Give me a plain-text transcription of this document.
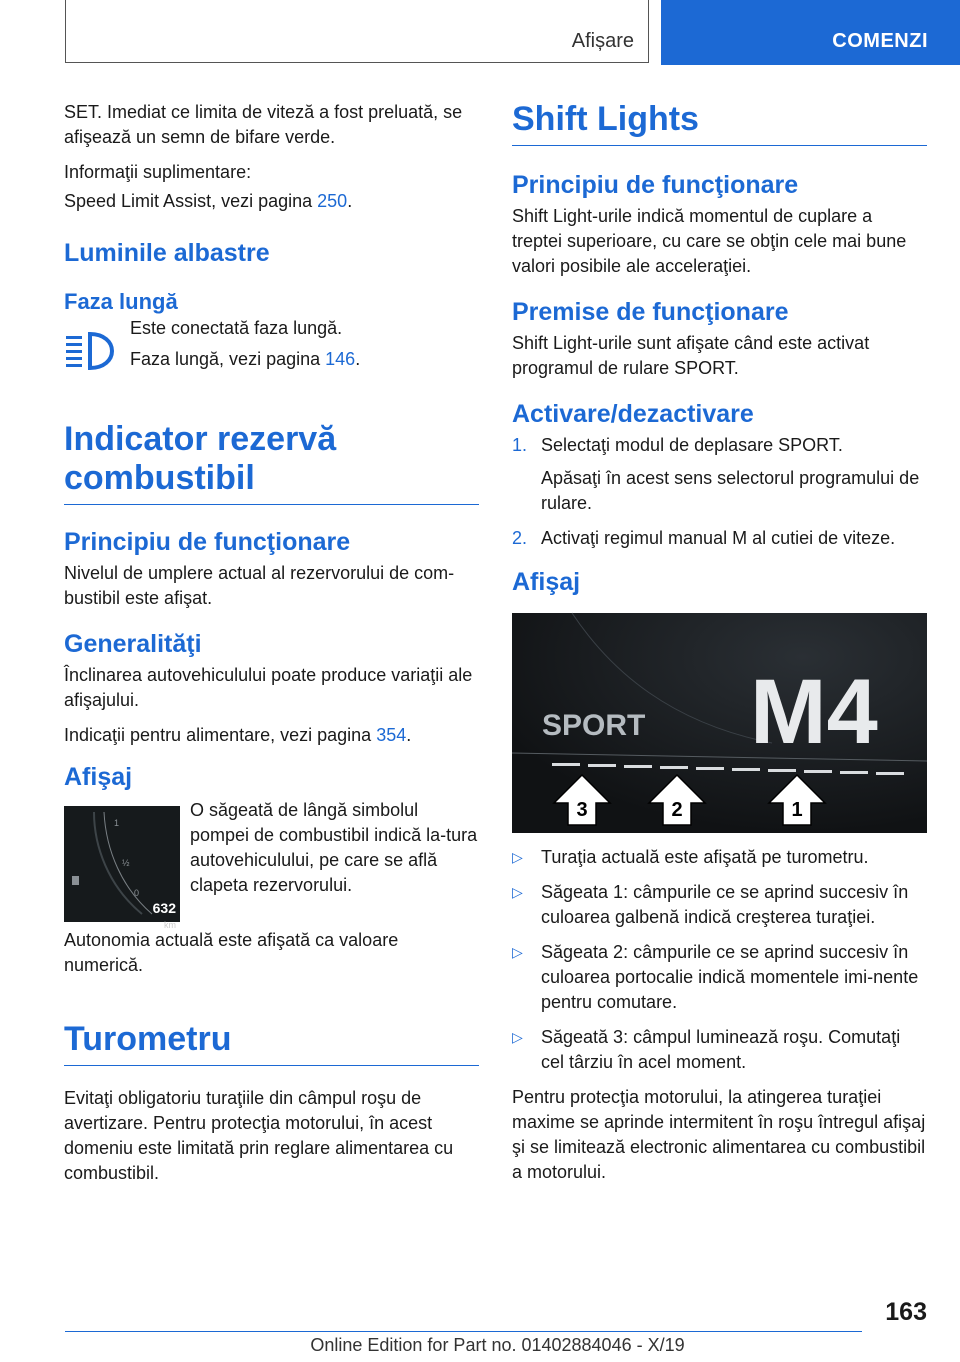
Afișare	COMENZI

SET. Imediat ce limita de viteză a fost preluată, se afişează un semn de bifare verde.

Informaţii suplimentare:

Speed Limit Assist, vezi pagina 250.

Luminile albastre
Faza lungă

Este conectată faza lungă.

Faza lungă, vezi pagina 146.

Indicator rezervă combustibil
Principiu de funcţionare

Nivelul de umplere actual al rezervorului de com-bustibil este afişat.

Generalităţi

Înclinarea autovehiculului poate produce variaţii ale afişajului.

Indicaţii pentru alimentare, vezi pagina 354.

Afişaj
1
½
0
632
km

O săgeată de lângă simbolul pompei de combustibil indică la-tura autovehiculului, pe care se află clapeta rezervorului.

Autonomia actuală este afişată ca valoare numerică.

Turometru

Evitaţi obligatoriu turaţiile din câmpul roşu de avertizare. Pentru protecţia motorului, în acest domeniu este limitată prin reglare alimentarea cu combustibil.

Shift Lights
Principiu de funcţionare

Shift Light-urile indică momentul de cuplare a treptei superioare, cu care se obţin cele mai bune valori posibile ale acceleraţiei.

Premise de funcţionare

Shift Light-urile sunt afişate când este activat programul de rulare SPORT.

Activare/dezactivare
1. Selectaţi modul de deplasare SPORT.
Apăsaţi în acest sens selectorul programului de rulare.
2. Activaţi regimul manual M al cutiei de viteze.
Afişaj
SPORT M4
3	2	1
▷	Turaţia actuală este afişată pe turometru.
▷	Săgeata 1: câmpurile ce se aprind succesiv în culoarea galbenă indică creşterea turaţiei.
▷	Săgeata 2: câmpurile ce se aprind succesiv în culoarea portocalie indică momentele imi-nente pentru comutare.
▷	Săgeată 3: câmpul luminează roşu. Comutaţi cel târziu în acel moment.

Pentru protecţia motorului, la atingerea turaţiei maxime se aprinde intermitent în roşu întregul afişaj şi se limitează electronic alimentarea cu combustibil a motorului.

163
Online Edition for Part no. 01402884046 - X/19
